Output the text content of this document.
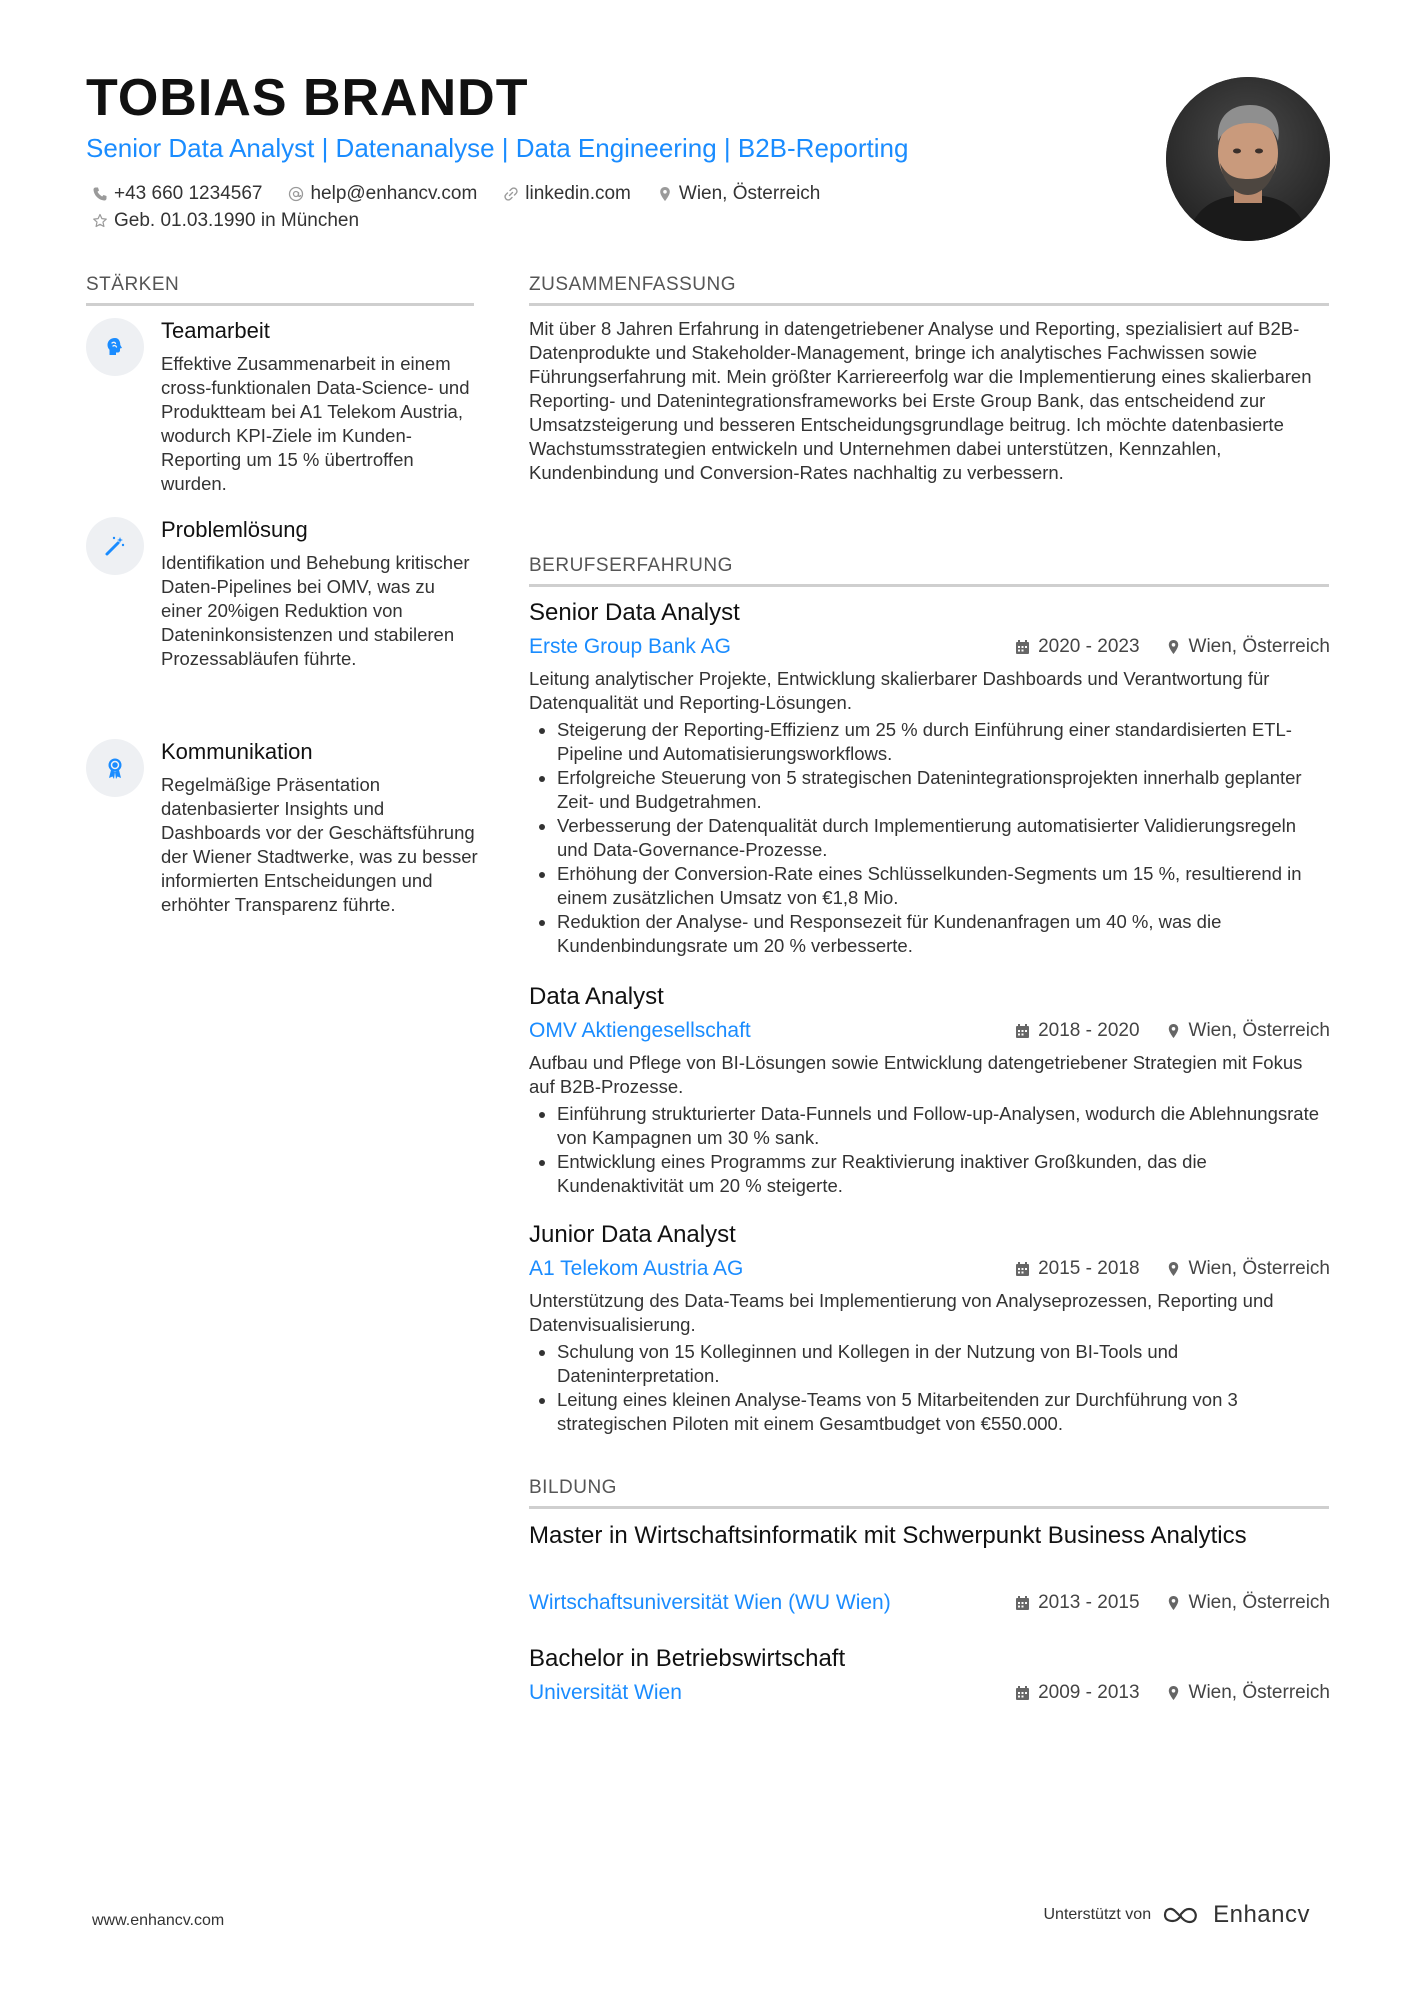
TOBIAS BRANDT
Senior Data Analyst | Datenanalyse | Data Engineering | B2B-Reporting
+43 660 1234567	help@enhancv.com	linkedin.com	Wien, Österreich
Geb. 01.03.1990 in München
STÄRKEN
Teamarbeit
Effektive Zusammenarbeit in einem cross-funktionalen Data-Science- und Produktteam bei A1 Telekom Austria, wodurch KPI-Ziele im Kunden-Reporting um 15 % übertroffen wurden.
Problemlösung
Identifikation und Behebung kritischer Daten-Pipelines bei OMV, was zu einer 20%igen Reduktion von Dateninkonsistenzen und stabileren Prozessabläufen führte.
Kommunikation
Regelmäßige Präsentation datenbasierter Insights und Dashboards vor der Geschäftsführung der Wiener Stadtwerke, was zu besser informierten Entscheidungen und erhöhter Transparenz führte.
ZUSAMMENFASSUNG
Mit über 8 Jahren Erfahrung in datengetriebener Analyse und Reporting, spezialisiert auf B2B-Datenprodukte und Stakeholder-Management, bringe ich analytisches Fachwissen sowie Führungserfahrung mit. Mein größter Karriereerfolg war die Implementierung eines skalierbaren Reporting- und Datenintegrationsframeworks bei Erste Group Bank, das entscheidend zur Umsatzsteigerung und besseren Entscheidungsgrundlage beitrug. Ich möchte datenbasierte Wachstumsstrategien entwickeln und Unternehmen dabei unterstützen, Kennzahlen, Kundenbindung und Conversion-Rates nachhaltig zu verbessern.
BERUFSERFAHRUNG
Senior Data Analyst
Erste Group Bank AG	2020 - 2023	Wien, Österreich
Leitung analytischer Projekte, Entwicklung skalierbarer Dashboards und Verantwortung für Datenqualität und Reporting-Lösungen.
Steigerung der Reporting-Effizienz um 25 % durch Einführung einer standardisierten ETL-Pipeline und Automatisierungsworkflows.
Erfolgreiche Steuerung von 5 strategischen Datenintegrationsprojekten innerhalb geplanter Zeit- und Budgetrahmen.
Verbesserung der Datenqualität durch Implementierung automatisierter Validierungsregeln und Data-Governance-Prozesse.
Erhöhung der Conversion-Rate eines Schlüsselkunden-Segments um 15 %, resultierend in einem zusätzlichen Umsatz von €1,8 Mio.
Reduktion der Analyse- und Responsezeit für Kundenanfragen um 40 %, was die Kundenbindungsrate um 20 % verbesserte.
Data Analyst
OMV Aktiengesellschaft	2018 - 2020	Wien, Österreich
Aufbau und Pflege von BI-Lösungen sowie Entwicklung datengetriebener Strategien mit Fokus auf B2B-Prozesse.
Einführung strukturierter Data-Funnels und Follow-up-Analysen, wodurch die Ablehnungsrate von Kampagnen um 30 % sank.
Entwicklung eines Programms zur Reaktivierung inaktiver Großkunden, das die Kundenaktivität um 20 % steigerte.
Junior Data Analyst
A1 Telekom Austria AG	2015 - 2018	Wien, Österreich
Unterstützung des Data-Teams bei Implementierung von Analyseprozessen, Reporting und Datenvisualisierung.
Schulung von 15 Kolleginnen und Kollegen in der Nutzung von BI-Tools und Dateninterpretation.
Leitung eines kleinen Analyse-Teams von 5 Mitarbeitenden zur Durchführung von 3 strategischen Piloten mit einem Gesamtbudget von €550.000.
BILDUNG
Master in Wirtschaftsinformatik mit Schwerpunkt Business Analytics
Wirtschaftsuniversität Wien (WU Wien)	2013 - 2015	Wien, Österreich
Bachelor in Betriebswirtschaft
Universität Wien	2009 - 2013	Wien, Österreich
www.enhancv.com	Unterstützt von	Enhancv
